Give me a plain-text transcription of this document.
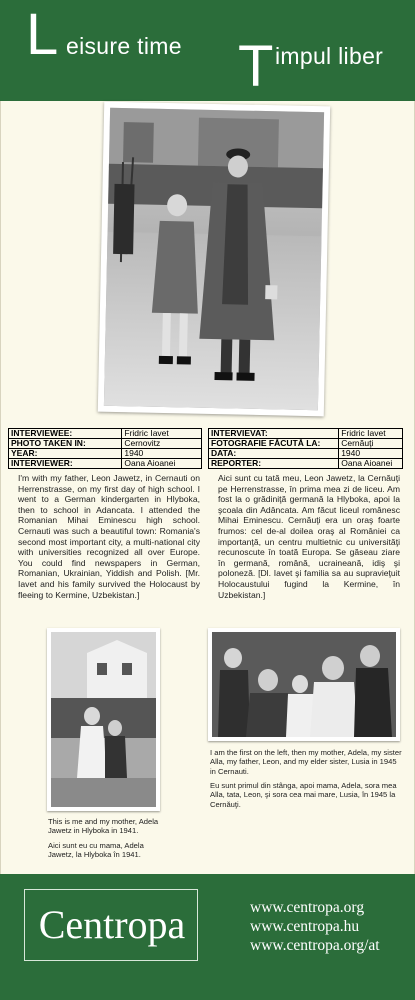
L eisure time T impul liber
INTERVIEWEE:	Fridric Iavet
PHOTO TAKEN IN:	Cernovitz
YEAR:	1940
INTERVIEWER:	Oana Aioanei
INTERVIEVAT:	Fridric Iavet
FOTOGRAFIE FĂCUTĂ LA:	Cernăuţi
DATA:	1940
REPORTER:	Oana Aioanei
I'm with my father, Leon Jawetz, in Cernauti on Herrenstrasse, on my first day of high school. I went to a German kindergarten in Hlyboka, then to school in Adancata. I attended the Romanian Mihai Eminescu high school. Cernauti was such a beautiful town: Romania's second most important city, a multi-national city with universities recognized all over Europe. You could find newspapers in German, Romanian, Ukrainian, Yiddish and Polish. [Mr. Iavet and his family survived the Holocaust by fleeing to Kermine, Uzbekistan.]
Aici sunt cu tată meu, Leon Jawetz, la Cernăuţi pe Herrenstrasse, în prima mea zi de liceu. Am fost la o grădiniţă germană la Hlyboka, apoi la şcoala din Adâncata. Am făcut liceul românesc Mihai Eminescu. Cernăuţi era un oraş foarte frumos: cel de-al doilea oraş al României ca importanţă, un centru multietnic cu universităţi recunoscute în toată Europa. Se găseau ziare în germană, română, ucraineană, idiş şi poloneză. [Dl. Iavet şi familia sa au supravieţuit Holocaustului fugind la Kermine, în Uzbekistan.]
This is me and my mother, Adela Jawetz in Hlyboka in 1941.
Aici sunt eu cu mama, Adela Jawetz, la Hlyboka în 1941.
I am the first on the left, then my mother, Adela, my sister Alla, my father, Leon, and my elder sister, Lusia in 1945 in Cernauti.
Eu sunt primul din stânga, apoi mama, Adela, sora mea Alla, tata, Leon, şi sora cea mai mare, Lusia, în 1945 la Cernăuţi.
Centropa	www.centropa.org
www.centropa.hu
www.centropa.org/at
